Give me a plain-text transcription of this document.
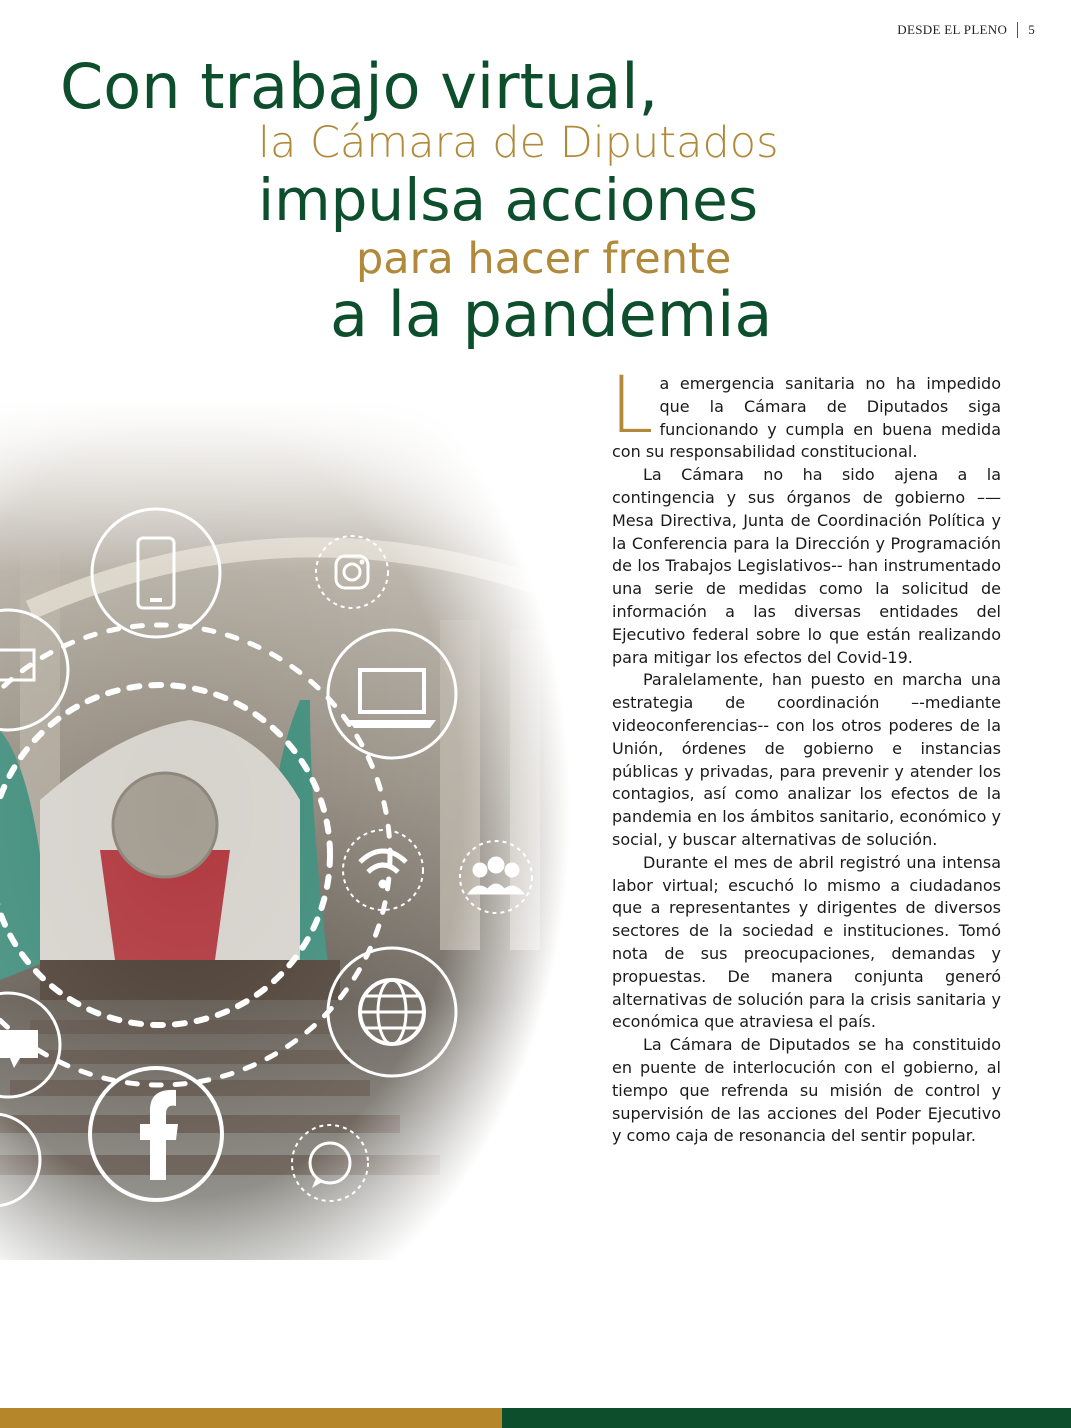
DESDE EL PLENO 5
Con trabajo virtual,
la Cámara de Diputados
impulsa acciones
para hacer frente
a la pandemia

La emergencia sanitaria no ha impedido que la Cámara de Diputados siga funcionando y cumpla en buena medida con su responsabilidad constitucional.

La Cámara no ha sido ajena a la contingencia y sus órganos de gobierno –—Mesa Directiva, Junta de Coordinación Política y la Conferencia para la Dirección y Programación de los Trabajos Legislativos-- han instrumentado una serie de medidas como la solicitud de información a las diversas entidades del Ejecutivo federal sobre lo que están realizando para mitigar los efectos del Covid-19.

Paralelamente, han puesto en marcha una estrategia de coordinación –-mediante videoconferencias-- con los otros poderes de la Unión, órdenes de gobierno e instancias públicas y privadas, para prevenir y atender los contagios, así como analizar los efectos de la pandemia en los ámbitos sanitario, económico y social, y buscar alternativas de solución.

Durante el mes de abril registró una intensa labor virtual; escuchó lo mismo a ciudadanos que a representantes y dirigentes de diversos sectores de la sociedad e instituciones. Tomó nota de sus preocupaciones, demandas y propuestas. De manera conjunta generó alternativas de solución para la crisis sanitaria y económica que atraviesa el país.

La Cámara de Diputados se ha constituido en puente de interlocución con el gobierno, al tiempo que refrenda su misión de control y supervisión de las acciones del Poder Ejecutivo y como caja de resonancia del sentir popular.
